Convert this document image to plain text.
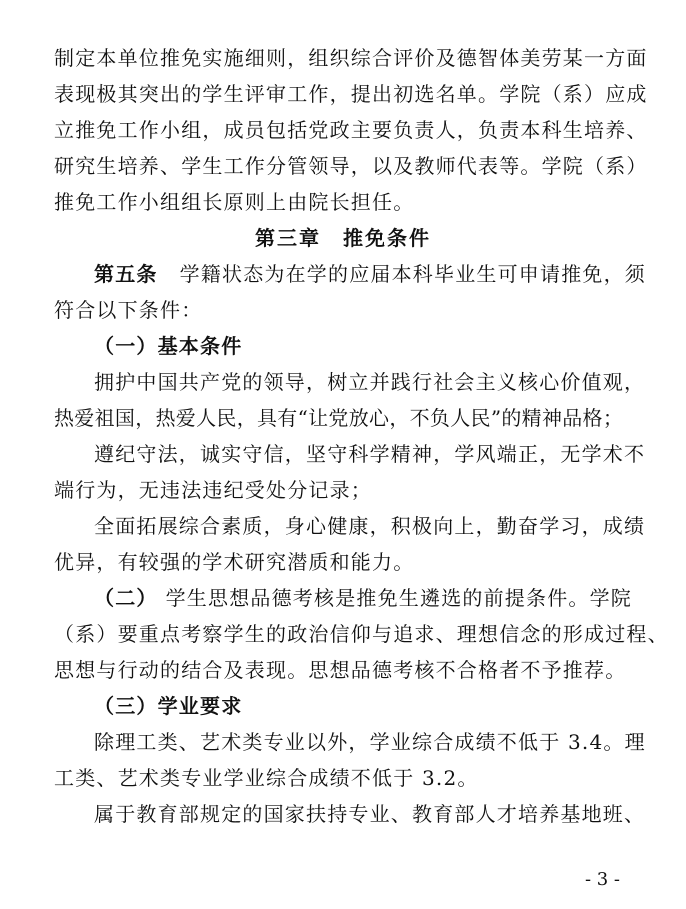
制定本单位推免实施细则，组织综合评价及德智体美劳某一方面
表现极其突出的学生评审工作，提出初选名单。学院（系）应成
立推免工作小组，成员包括党政主要负责人，负责本科生培养、
研究生培养、学生工作分管领导，以及教师代表等。学院（系）
推免工作小组组长原则上由院长担任。
第三章　推免条件
第五条 学籍状态为在学的应届本科毕业生可申请推免，须
符合以下条件：
（一）基本条件
拥护中国共产党的领导，树立并践行社会主义核心价值观，
热爱祖国，热爱人民，具有“让党放心，不负人民”的精神品格；
遵纪守法，诚实守信，坚守科学精神，学风端正，无学术不
端行为，无违法违纪受处分记录；
全面拓展综合素质，身心健康，积极向上，勤奋学习，成绩
优异，有较强的学术研究潜质和能力。
（二） 学生思想品德考核是推免生遴选的前提条件。学院
（系）要重点考察学生的政治信仰与追求、理想信念的形成过程、
思想与行动的结合及表现。思想品德考核不合格者不予推荐。
（三）学业要求
除理工类、艺术类专业以外，学业综合成绩不低于 3.4。理
工类、艺术类专业学业综合成绩不低于 3.2。
属于教育部规定的国家扶持专业、教育部人才培养基地班、
- 3 -
